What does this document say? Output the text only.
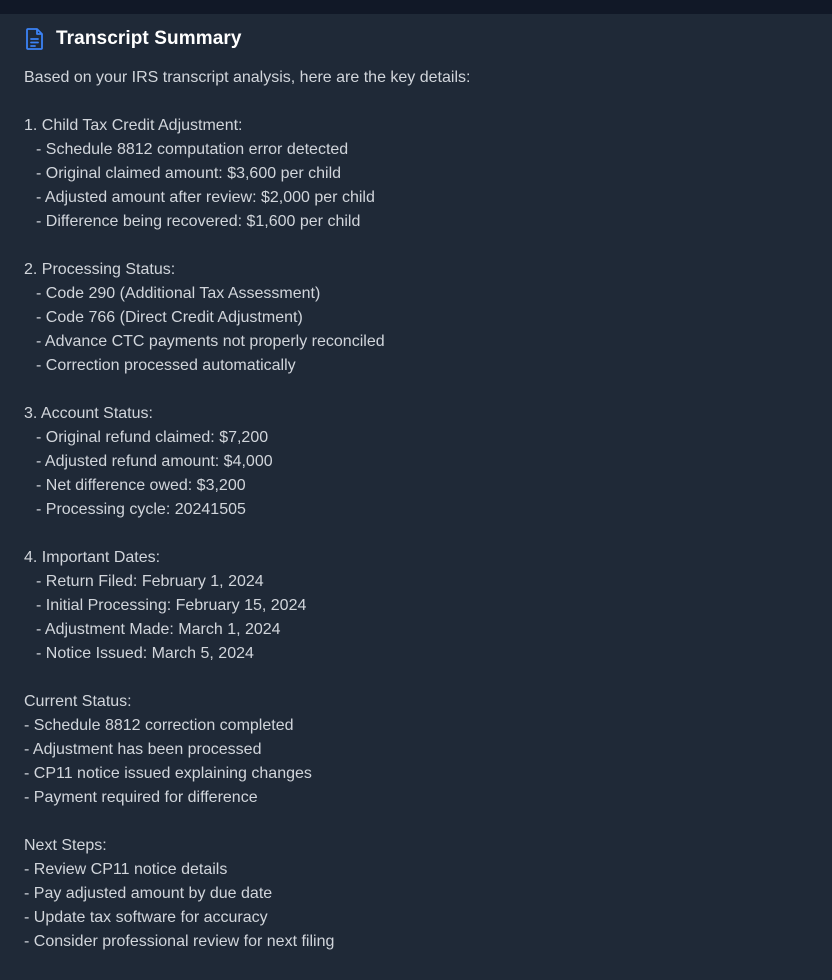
Transcript Summary
Based on your IRS transcript analysis, here are the key details:
1. Child Tax Credit Adjustment:
- Schedule 8812 computation error detected
- Original claimed amount: $3,600 per child
- Adjusted amount after review: $2,000 per child
- Difference being recovered: $1,600 per child
2. Processing Status:
- Code 290 (Additional Tax Assessment)
- Code 766 (Direct Credit Adjustment)
- Advance CTC payments not properly reconciled
- Correction processed automatically
3. Account Status:
- Original refund claimed: $7,200
- Adjusted refund amount: $4,000
- Net difference owed: $3,200
- Processing cycle: 20241505
4. Important Dates:
- Return Filed: February 1, 2024
- Initial Processing: February 15, 2024
- Adjustment Made: March 1, 2024
- Notice Issued: March 5, 2024
Current Status:
- Schedule 8812 correction completed
- Adjustment has been processed
- CP11 notice issued explaining changes
- Payment required for difference
Next Steps:
- Review CP11 notice details
- Pay adjusted amount by due date
- Update tax software for accuracy
- Consider professional review for next filing
